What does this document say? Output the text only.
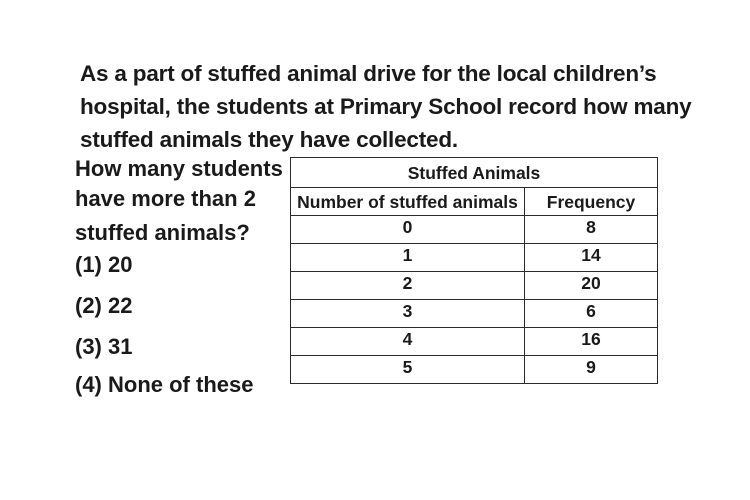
As a part of stuffed animal drive for the local children’s
hospital, the students at Primary School record how many
stuffed animals they have collected.
How many students
have more than 2
stuffed animals?
(1) 20
(2) 22
(3) 31
(4) None of these
Stuffed Animals	
Number of stuffed animals	Frequency
0	8
1	14
2	20
3	6
4	16
5	9
